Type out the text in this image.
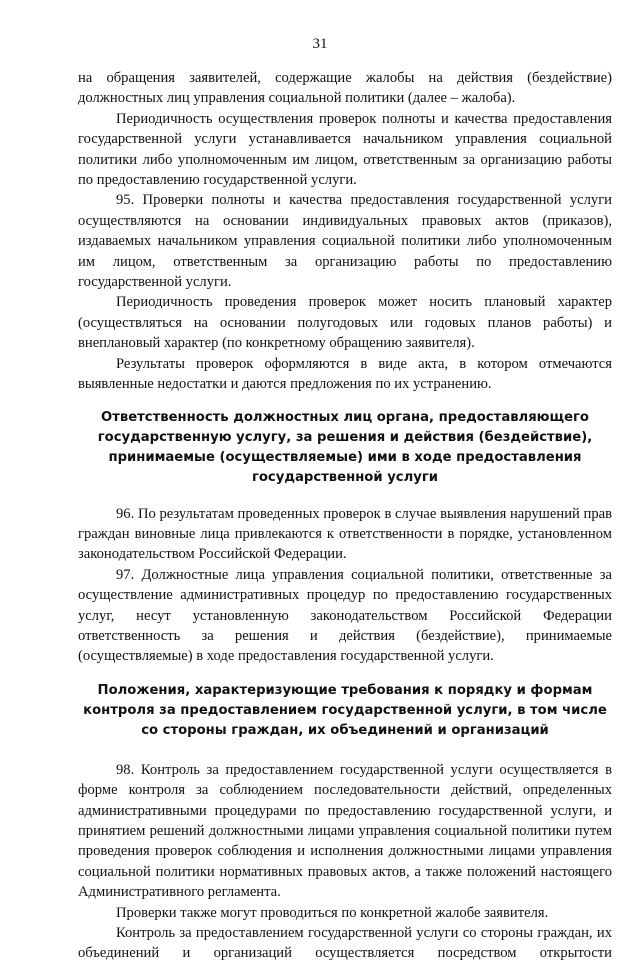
31

на обращения заявителей, содержащие жалобы на действия (бездействие) должностных лиц управления социальной политики (далее – жалоба).

Периодичность осуществления проверок полноты и качества предоставления государственной услуги устанавливается начальником управления социальной политики либо уполномоченным им лицом, ответственным за организацию работы по предоставлению государственной услуги.

95. Проверки полноты и качества предоставления государственной услуги осуществляются на основании индивидуальных правовых актов (приказов), издаваемых начальником управления социальной политики либо уполномоченным им лицом, ответственным за организацию работы по предоставлению государственной услуги.

Периодичность проведения проверок может носить плановый характер (осуществляться на основании полугодовых или годовых планов работы) и внеплановый характер (по конкретному обращению заявителя).

Результаты проверок оформляются в виде акта, в котором отмечаются выявленные недостатки и даются предложения по их устранению.

Ответственность должностных лиц органа, предоставляющего государственную услугу, за решения и действия (бездействие), принимаемые (осуществляемые) ими в ходе предоставления государственной услуги

96. По результатам проведенных проверок в случае выявления нарушений прав граждан виновные лица привлекаются к ответственности в порядке, установленном законодательством Российской Федерации.

97. Должностные лица управления социальной политики, ответственные за осуществление административных процедур по предоставлению государственных услуг, несут установленную законодательством Российской Федерации ответственность за решения и действия (бездействие), принимаемые (осуществляемые) в ходе предоставления государственной услуги.

Положения, характеризующие требования к порядку и формам контроля за предоставлением государственной услуги, в том числе со стороны граждан, их объединений и организаций

98. Контроль за предоставлением государственной услуги осуществляется в форме контроля за соблюдением последовательности действий, определенных административными процедурами по предоставлению государственной услуги, и принятием решений должностными лицами управления социальной политики путем проведения проверок соблюдения и исполнения должностными лицами управления социальной политики нормативных правовых актов, а также положений настоящего Административного регламента.

Проверки также могут проводиться по конкретной жалобе заявителя.

Контроль за предоставлением государственной услуги со стороны граждан, их объединений и организаций осуществляется посредством открытости
